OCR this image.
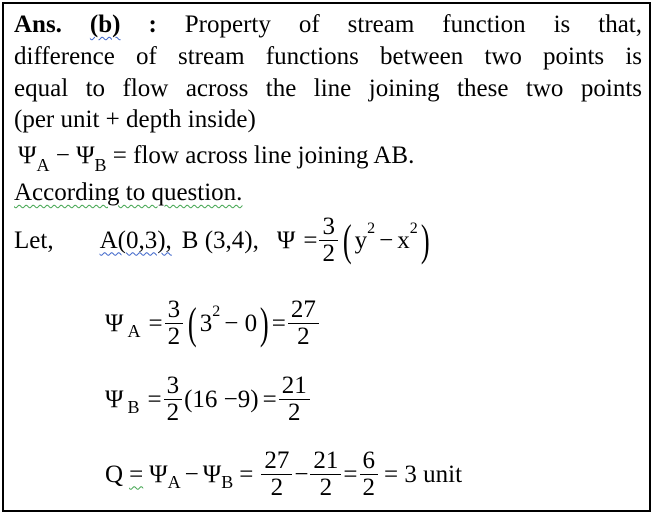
Ans. (b) : Property of stream function is that,
difference of stream functions between two points is
equal to flow across the line joining these two points
(per unit + depth inside)
$\Psi_A - \Psi_B$ = flow across line joining AB.
According to question.
Let, A(0,3), B (3,4), $\Psi = \frac{3}{2}$ ( y 2 − x 2 )
Ψ $A = \frac{3}{2}$ ( 3 2 − 0 ) = $\frac{27}{2}$
Ψ $B = \frac{3}{2} (16 -9) = \frac{21}{2}$
Q = Ψ A − Ψ $B = \frac{27}{2} - \frac{21}{2} = \frac{6}{2} = 3$ unit
